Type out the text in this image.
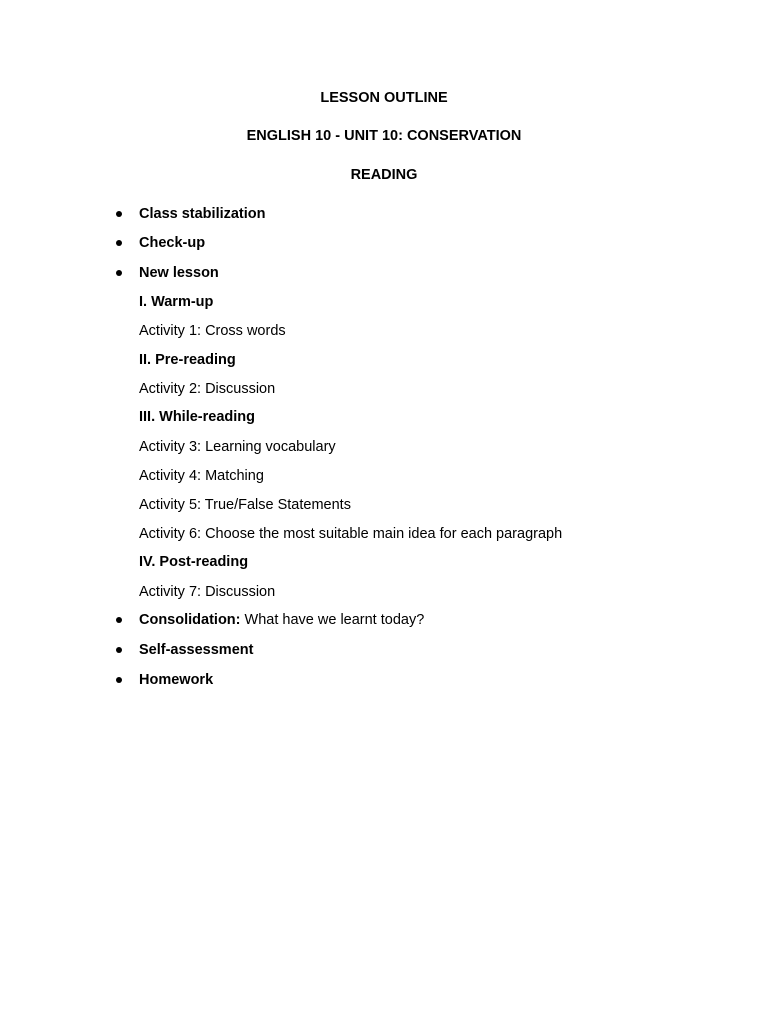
LESSON OUTLINE
ENGLISH 10 - UNIT 10: CONSERVATION
READING
Class stabilization
Check-up
New lesson
I. Warm-up
Activity 1: Cross words
II. Pre-reading
Activity 2: Discussion
III. While-reading
Activity 3: Learning vocabulary
Activity 4: Matching
Activity 5: True/False Statements
Activity 6: Choose the most suitable main idea for each paragraph
IV. Post-reading
Activity 7: Discussion
Consolidation: What have we learnt today?
Self-assessment
Homework
